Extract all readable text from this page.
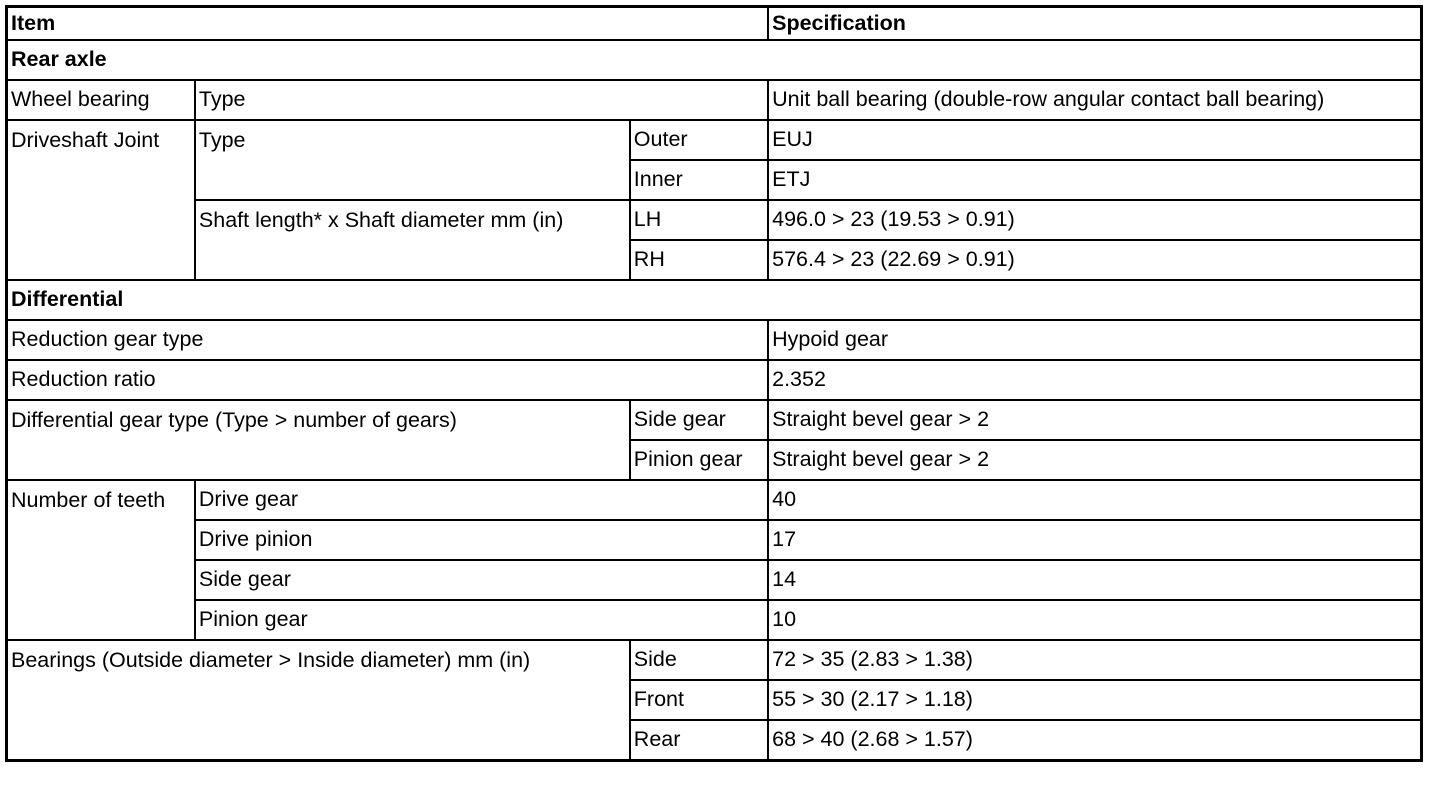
Item			Specification
Rear axle			
Wheel bearing	Type		Unit ball bearing (double-row angular contact ball bearing)
Driveshaft Joint	Type	Outer	EUJ
		Inner	ETJ
	Shaft length* x Shaft diameter mm (in)	LH	496.0 > 23 (19.53 > 0.91)
		RH	576.4 > 23 (22.69 > 0.91)
Differential			
Reduction gear type			Hypoid gear
Reduction ratio			2.352
Differential gear type (Type > number of gears)		Side gear	Straight bevel gear > 2
		Pinion gear	Straight bevel gear > 2
Number of teeth	Drive gear		40
	Drive pinion		17
	Side gear		14
	Pinion gear		10
Bearings (Outside diameter > Inside diameter) mm (in)		Side	72 > 35 (2.83 > 1.38)
		Front	55 > 30 (2.17 > 1.18)
		Rear	68 > 40 (2.68 > 1.57)
